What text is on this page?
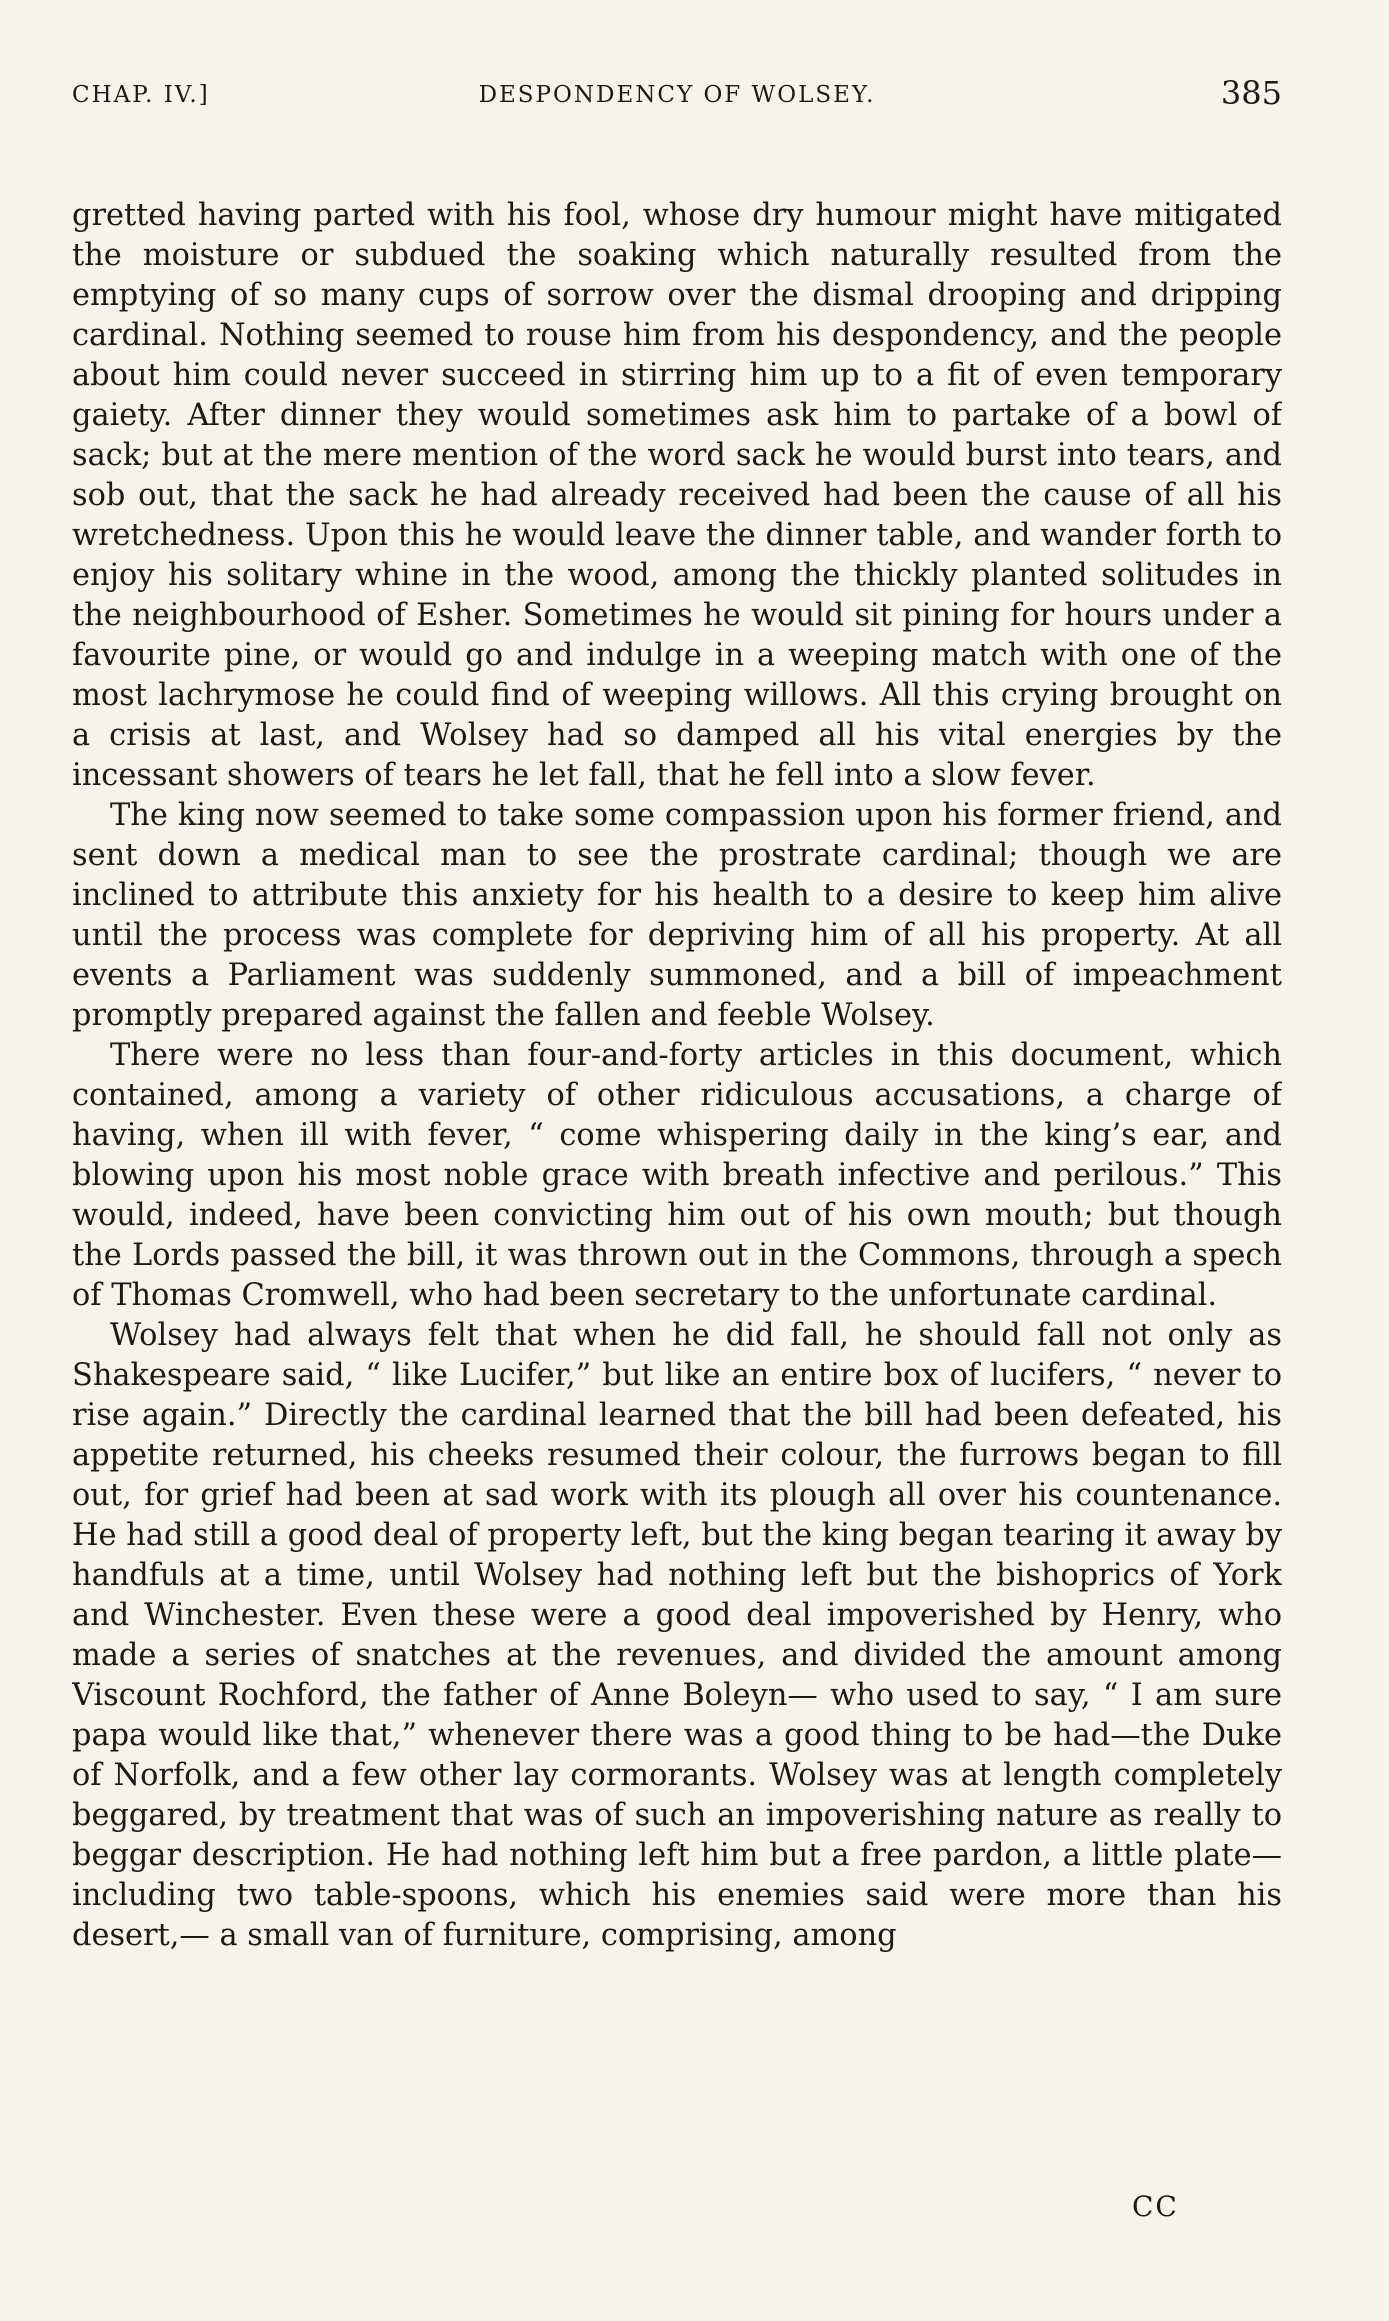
CHAP. IV.]	DESPONDENCY OF WOLSEY.	385

gretted having parted with his fool, whose dry humour might have mitigated the moisture or subdued the soaking which naturally resulted from the emptying of so many cups of sorrow over the dismal drooping and dripping cardinal. Nothing seemed to rouse him from his despondency, and the people about him could never succeed in stirring him up to a fit of even temporary gaiety. After dinner they would sometimes ask him to partake of a bowl of sack; but at the mere mention of the word sack he would burst into tears, and sob out, that the sack he had already received had been the cause of all his wretchedness. Upon this he would leave the dinner table, and wander forth to enjoy his solitary whine in the wood, among the thickly planted solitudes in the neighbourhood of Esher. Sometimes he would sit pining for hours under a favourite pine, or would go and indulge in a weeping match with one of the most lachrymose he could find of weeping willows. All this crying brought on a crisis at last, and Wolsey had so damped all his vital energies by the incessant showers of tears he let fall, that he fell into a slow fever.

The king now seemed to take some compassion upon his former friend, and sent down a medical man to see the prostrate cardinal; though we are inclined to attribute this anxiety for his health to a desire to keep him alive until the process was complete for depriving him of all his property. At all events a Parliament was suddenly summoned, and a bill of impeachment promptly prepared against the fallen and feeble Wolsey.

There were no less than four-and-forty articles in this document, which contained, among a variety of other ridiculous accusations, a charge of having, when ill with fever, “ come whispering daily in the king’s ear, and blowing upon his most noble grace with breath infective and perilous.” This would, indeed, have been convicting him out of his own mouth; but though the Lords passed the bill, it was thrown out in the Commons, through a spech of Thomas Cromwell, who had been secretary to the unfortunate cardinal.

Wolsey had always felt that when he did fall, he should fall not only as Shakespeare said, “ like Lucifer,” but like an entire box of lucifers, “ never to rise again.” Directly the cardinal learned that the bill had been defeated, his appetite returned, his cheeks resumed their colour, the furrows began to fill out, for grief had been at sad work with its plough all over his countenance. He had still a good deal of property left, but the king began tearing it away by handfuls at a time, until Wolsey had nothing left but the bishoprics of York and Winchester. Even these were a good deal impoverished by Henry, who made a series of snatches at the revenues, and divided the amount among Viscount Rochford, the father of Anne Boleyn— who used to say, “ I am sure papa would like that,” whenever there was a good thing to be had—the Duke of Norfolk, and a few other lay cormorants. Wolsey was at length completely beggared, by treatment that was of such an impoverishing nature as really to beggar description. He had nothing left him but a free pardon, a little plate—including two table-spoons, which his enemies said were more than his desert,— a small van of furniture, comprising, among

CC
